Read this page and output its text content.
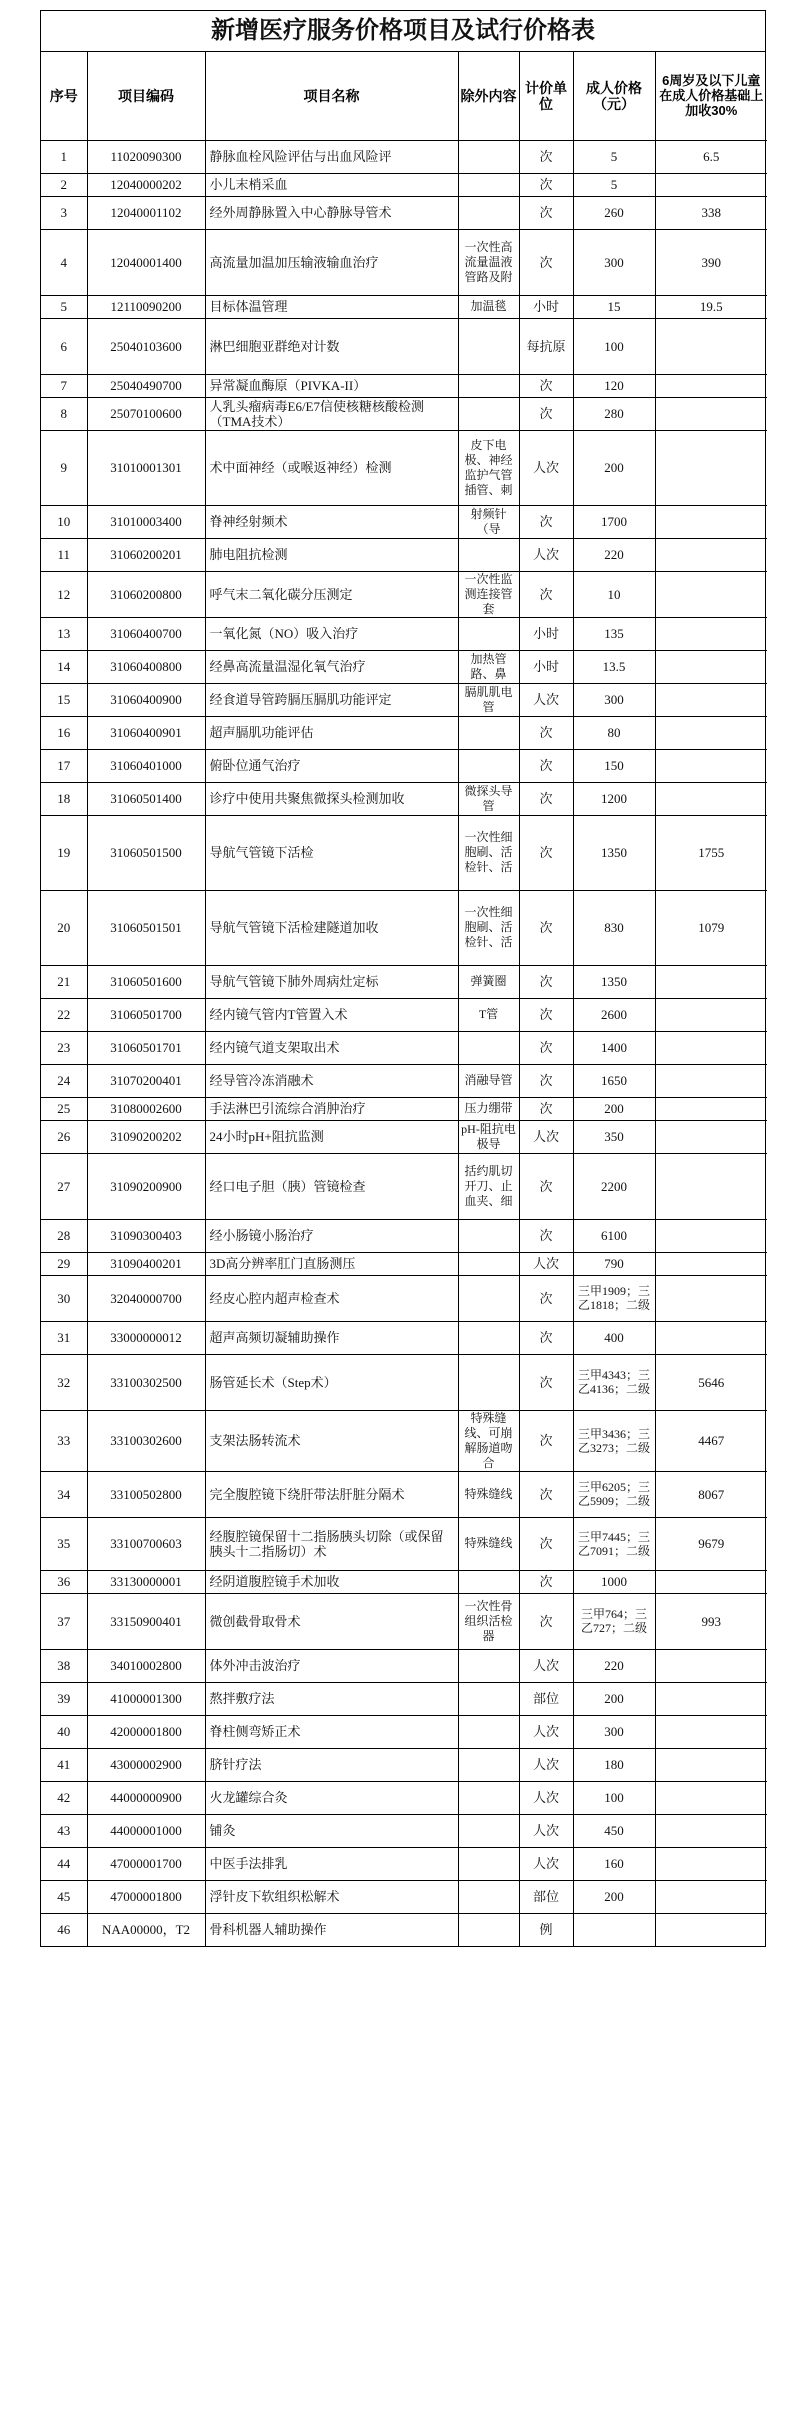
新增医疗服务价格项目及试行价格表
序号	项目编码	项目名称	除外内容	计价单位	成人价格（元）	6周岁及以下儿童在成人价格基础上加收30%
1	11020090300	静脉血栓风险评估与出血风险评		次	5	6.5
2	12040000202	小儿末梢采血		次	5	
3	12040001102	经外周静脉置入中心静脉导管术		次	260	338
4	12040001400	高流量加温加压输液输血治疗	一次性高流量温液管路及附	次	300	390
5	12110090200	目标体温管理	加温毯	小时	15	19.5
6	25040103600	淋巴细胞亚群绝对计数		每抗原	100	
7	25040490700	异常凝血酶原（PIVKA-II）		次	120	
8	25070100600	人乳头瘤病毒E6/E7信使核糖核酸检测（TMA技术）		次	280	
9	31010001301	术中面神经（或喉返神经）检测	皮下电极、神经监护气管插管、刺	人次	200	
10	31010003400	脊神经射频术	射频针（导	次	1700	
11	31060200201	肺电阻抗检测		人次	220	
12	31060200800	呼气末二氧化碳分压测定	一次性监测连接管套	次	10	
13	31060400700	一氧化氮（NO）吸入治疗		小时	135	
14	31060400800	经鼻高流量温湿化氧气治疗	加热管路、鼻	小时	13.5	
15	31060400900	经食道导管跨膈压膈肌功能评定	膈肌肌电管	人次	300	
16	31060400901	超声膈肌功能评估		次	80	
17	31060401000	俯卧位通气治疗		次	150	
18	31060501400	诊疗中使用共聚焦微探头检测加收	微探头导管	次	1200	
19	31060501500	导航气管镜下活检	一次性细胞刷、活检针、活	次	1350	1755
20	31060501501	导航气管镜下活检建隧道加收	一次性细胞刷、活检针、活	次	830	1079
21	31060501600	导航气管镜下肺外周病灶定标	弹簧圈	次	1350	
22	31060501700	经内镜气管内T管置入术	T管	次	2600	
23	31060501701	经内镜气道支架取出术		次	1400	
24	31070200401	经导管冷冻消融术	消融导管	次	1650	
25	31080002600	手法淋巴引流综合消肿治疗	压力绷带	次	200	
26	31090200202	24小时pH+阻抗监测	pH-阻抗电极导	人次	350	
27	31090200900	经口电子胆（胰）管镜检查	括约肌切开刀、止血夹、细	次	2200	
28	31090300403	经小肠镜小肠治疗		次	6100	
29	31090400201	3D高分辨率肛门直肠测压		人次	790	
30	32040000700	经皮心腔内超声检查术		次	三甲1909；三乙1818；二级	
31	33000000012	超声高频切凝辅助操作		次	400	
32	33100302500	肠管延长术（Step术）		次	三甲4343；三乙4136；二级	5646
33	33100302600	支架法肠转流术	特殊缝线、可崩解肠道吻合	次	三甲3436；三乙3273；二级	4467
34	33100502800	完全腹腔镜下绕肝带法肝脏分隔术	特殊缝线	次	三甲6205；三乙5909；二级	8067
35	33100700603	经腹腔镜保留十二指肠胰头切除（或保留胰头十二指肠切）术	特殊缝线	次	三甲7445；三乙7091；二级	9679
36	33130000001	经阴道腹腔镜手术加收		次	1000	
37	33150900401	微创截骨取骨术	一次性骨组织活检器	次	三甲764；三乙727；二级	993
38	34010002800	体外冲击波治疗		人次	220	
39	41000001300	熬拌敷疗法		部位	200	
40	42000001800	脊柱侧弯矫正术		人次	300	
41	43000002900	脐针疗法		人次	180	
42	44000000900	火龙罐综合灸		人次	100	
43	44000001000	铺灸		人次	450	
44	47000001700	中医手法排乳		人次	160	
45	47000001800	浮针皮下软组织松解术		部位	200	
46	NAA00000，T2	骨科机器人辅助操作		例		
